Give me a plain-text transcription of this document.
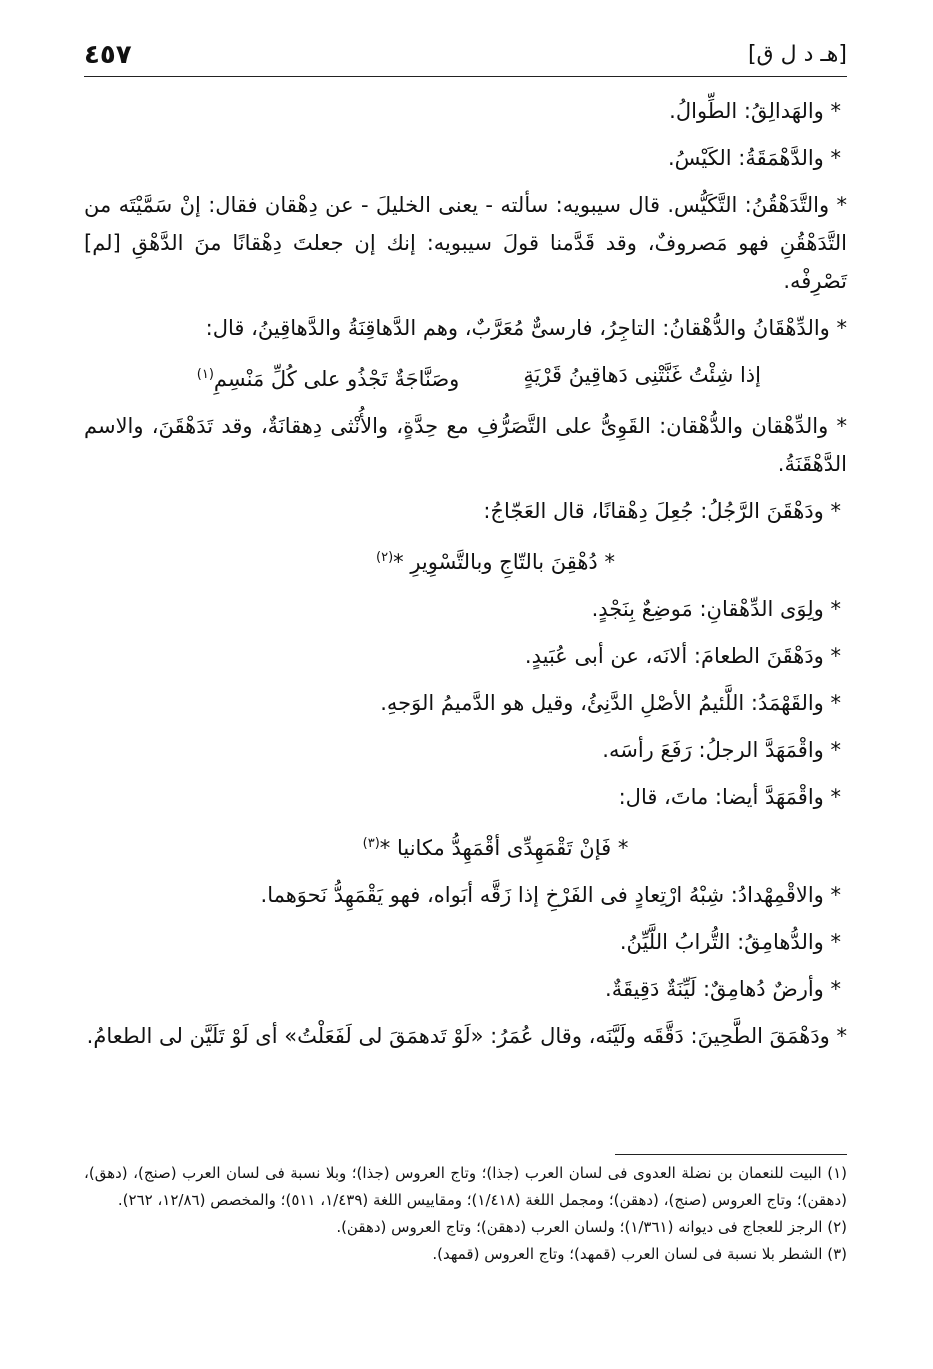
[هـ د ل ق]
٤٥٧

* والهَدالِقُ: الطِّوالُ.

* والدَّهْمَقَةُ: الكَيْسُ.

* والتَّدَهْقُنُ: التَّكَيُّس. قال سيبويه: سألته - يعنى الخليلَ - عن دِهْقان فقال: إنْ سَمَّيْتَه من التَّدَهْقُنِ فهو مَصروفٌ، وقد قَدَّمنا قولَ سيبويه: إنك إن جعلتَ دِهْقانًا منَ الدَّهْقِ [لم] تَصْرِفْه.

* والدِّهْقَانُ والدُّهْقانُ: التاجِرُ، فارسىٌّ مُعَرَّبٌ، وهم الدَّهاقِنَةُ والدَّهاقِينُ، قال:

إذا شِئْتُ غَنَّتْنِى دَهاقِينُ قَرْيَةٍ
وصَنَّاجَةٌ تَجْذُو على كُلِّ مَنْسِمِ$^{(١)}$

* والدِّهْقان والدُّهْقان: القَوِىُّ على التَّصَرُّفِ مع حِدَّةٍ، والأُنْثى دِهقانَةٌ، وقد تَدَهْقَنَ، والاسم الدَّهْقَنَةُ.

* ودَهْقَنَ الرَّجُلُ: جُعِلَ دِهْقانًا، قال العَجّاجُ:

* دُهْقِنَ بالتّاجِ وبالتَّسْوِيرِ *$^{(٢)}$

* ولِوَى الدِّهْقانِ: مَوضِعٌ بِنَجْدٍ.

* ودَهْقَنَ الطعامَ: ألانَه، عن أبى عُبَيدٍ.

* والقَهْمَدُ: اللَّئيمُ الأصْلِ الدَّنِئُ، وقيل هو الدَّميمُ الوَجهِ.

* واقْمَهَدَّ الرجلُ: رَفَعَ رأسَه.

* واقْمَهَدَّ أيضا: ماتَ، قال:

* فَإنْ تَقْمَهِدِّى أقْمَهِدُّ مكانيا *$^{(٣)}$

* والاقْمِهْدادُ: شِبْهُ ارْتِعادٍ فى الفَرْخِ إذا زَقَّه أبَواه، فهو يَقْمَهِدُّ نَحوَهما.

* والدُّهامِقُ: التُّرابُ اللَّيِّنُ.

* وأرضٌ دُهامِقٌ: لَيِّنَةٌ دَقِيقَةٌ.

* ودَهْمَقَ الطَّحِينَ: دَقَّقَه ولَيَّنَه، وقال عُمَرُ: «لَوْ تَدهمَقَ لى لَفَعَلْتُ» أى لَوْ تَلَيَّن لى الطعامُ.

(١) البيت للنعمان بن نضلة العدوى فى لسان العرب (جذا)؛ وتاج العروس (جذا)؛ وبلا نسبة فى لسان العرب (صنج)، (دهق)، (دهقن)؛ وتاج العروس (صنج)، (دهقن)؛ ومجمل اللغة (١/٤١٨)؛ ومقاييس اللغة (١/٤٣٩، ٥١١)؛ والمخصص (١٢/٨٦، ٢٦٢).

(٢) الرجز للعجاج فى ديوانه (١/٣٦١)؛ ولسان العرب (دهقن)؛ وتاج العروس (دهقن).

(٣) الشطر بلا نسبة فى لسان العرب (قمهد)؛ وتاج العروس (قمهد).
